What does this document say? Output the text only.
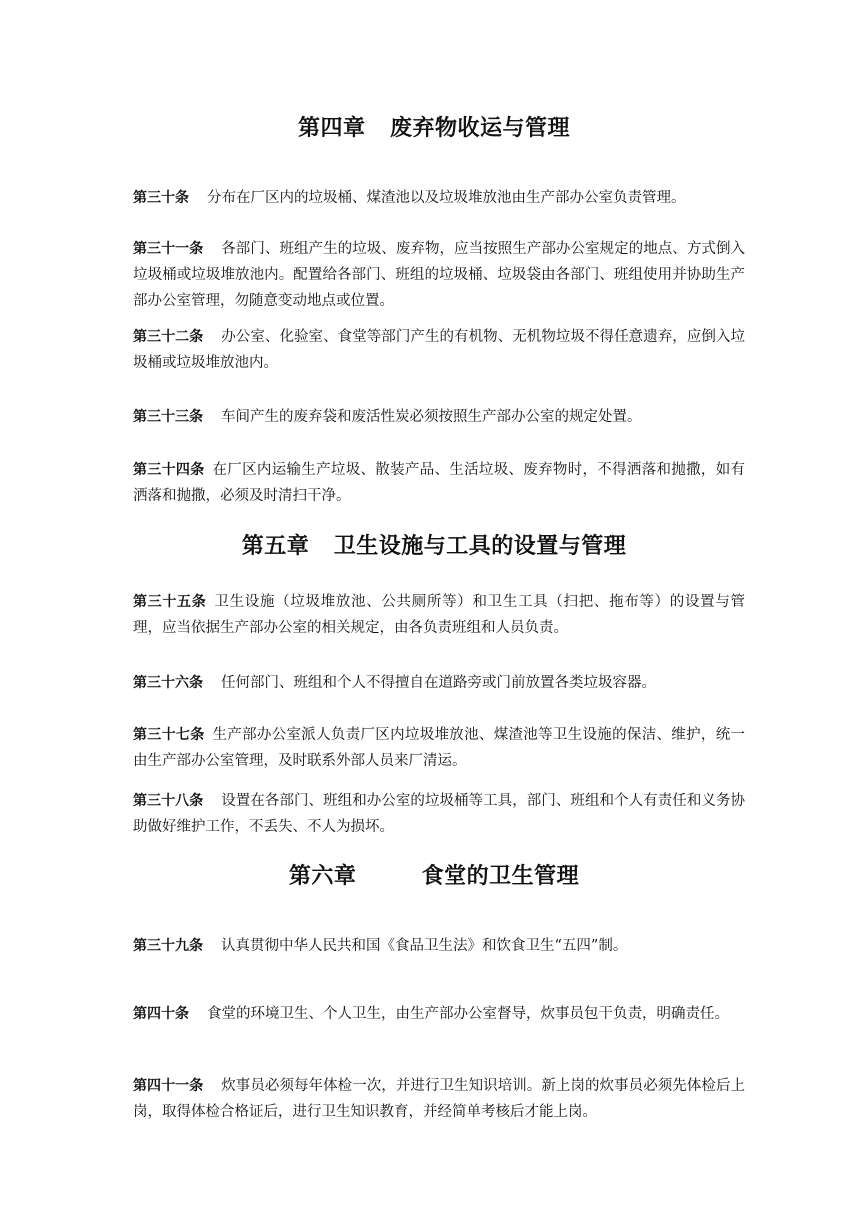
第四章   废弃物收运与管理
第三十条 分布在厂区内的垃圾桶、煤渣池以及垃圾堆放池由生产部办公室负责管理。
第三十一条 各部门、班组产生的垃圾、废弃物，应当按照生产部办公室规定的地点、方式倒入垃圾桶或垃圾堆放池内。配置给各部门、班组的垃圾桶、垃圾袋由各部门、班组使用并协助生产部办公室管理，勿随意变动地点或位置。
第三十二条 办公室、化验室、食堂等部门产生的有机物、无机物垃圾不得任意遗弃，应倒入垃圾桶或垃圾堆放池内。
第三十三条 车间产生的废弃袋和废活性炭必须按照生产部办公室的规定处置。
第三十四条 在厂区内运输生产垃圾、散装产品、生活垃圾、废弃物时，不得洒落和抛撒，如有洒落和抛撒，必须及时清扫干净。
第五章   卫生设施与工具的设置与管理
第三十五条 卫生设施（垃圾堆放池、公共厕所等）和卫生工具（扫把、拖布等）的设置与管理，应当依据生产部办公室的相关规定，由各负责班组和人员负责。
第三十六条 任何部门、班组和个人不得擅自在道路旁或门前放置各类垃圾容器。
第三十七条 生产部办公室派人负责厂区内垃圾堆放池、煤渣池等卫生设施的保洁、维护，统一由生产部办公室管理，及时联系外部人员来厂清运。
第三十八条 设置在各部门、班组和办公室的垃圾桶等工具，部门、班组和个人有责任和义务协助做好维护工作，不丢失、不人为损坏。
第六章        食堂的卫生管理
第三十九条 认真贯彻中华人民共和国《食品卫生法》和饮食卫生“五四”制。
第四十条 食堂的环境卫生、个人卫生，由生产部办公室督导，炊事员包干负责，明确责任。
第四十一条 炊事员必须每年体检一次，并进行卫生知识培训。新上岗的炊事员必须先体检后上岗，取得体检合格证后，进行卫生知识教育，并经简单考核后才能上岗。
